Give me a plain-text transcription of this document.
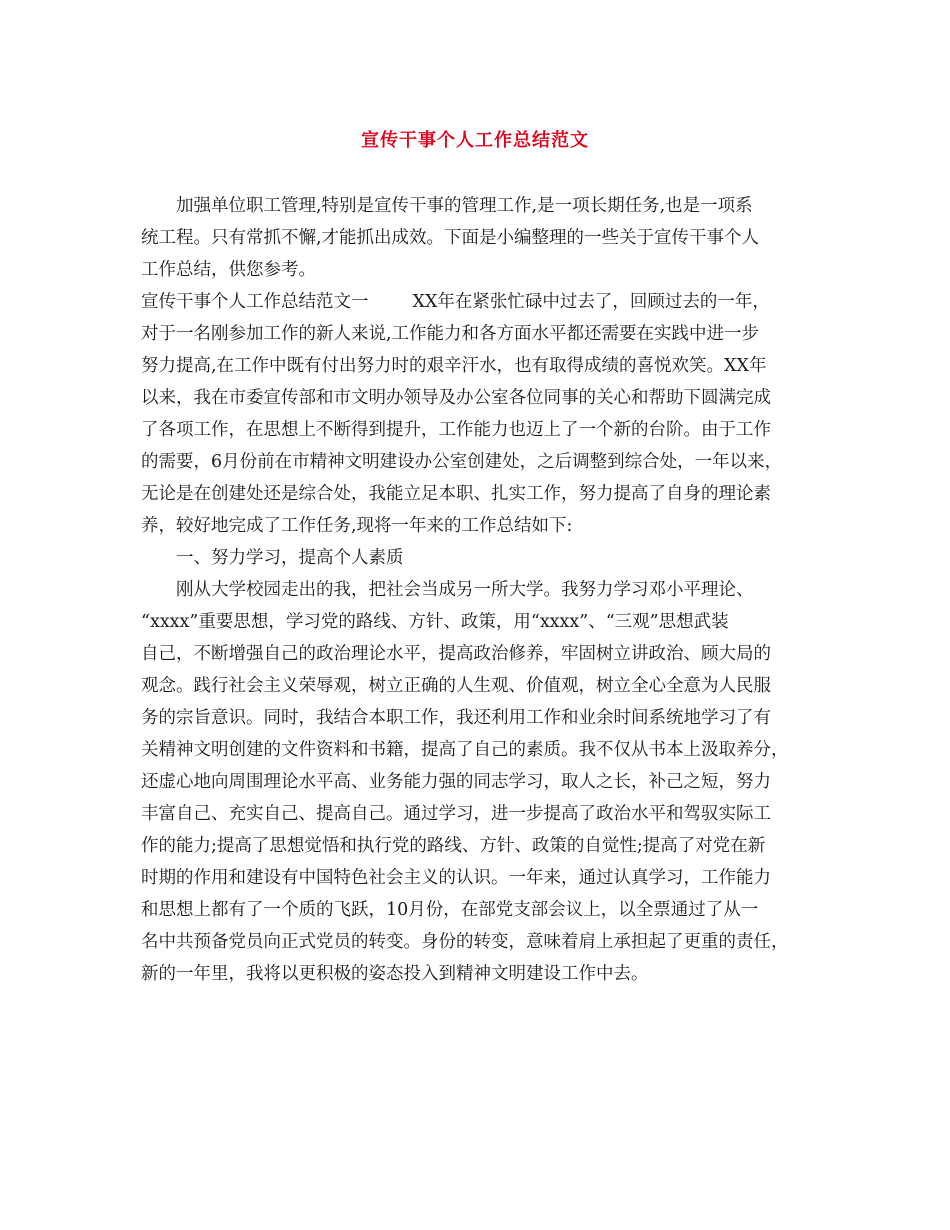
宣传干事个人工作总结范文
加强单位职工管理,特别是宣传干事的管理工作,是一项长期任务,也是一项系
统工程。只有常抓不懈,才能抓出成效。下面是小编整理的一些关于宣传干事个人
工作总结，供您参考。
宣传干事个人工作总结范文一	XX年在紧张忙碌中过去了，回顾过去的一年，
对于一名刚参加工作的新人来说,工作能力和各方面水平都还需要在实践中进一步
努力提高,在工作中既有付出努力时的艰辛汗水，也有取得成绩的喜悦欢笑。XX年
以来，我在市委宣传部和市文明办领导及办公室各位同事的关心和帮助下圆满完成
了各项工作，在思想上不断得到提升，工作能力也迈上了一个新的台阶。由于工作
的需要，6月份前在市精神文明建设办公室创建处，之后调整到综合处，一年以来，
无论是在创建处还是综合处，我能立足本职、扎实工作，努力提高了自身的理论素
养，较好地完成了工作任务,现将一年来的工作总结如下:
一、努力学习，提高个人素质
刚从大学校园走出的我，把社会当成另一所大学。我努力学习邓小平理论、
“xxxx”重要思想，学习党的路线、方针、政策，用“xxxx”、“三观”思想武装
自己，不断增强自己的政治理论水平，提高政治修养，牢固树立讲政治、顾大局的
观念。践行社会主义荣辱观，树立正确的人生观、价值观，树立全心全意为人民服
务的宗旨意识。同时，我结合本职工作，我还利用工作和业余时间系统地学习了有
关精神文明创建的文件资料和书籍，提高了自己的素质。我不仅从书本上汲取养分，
还虚心地向周围理论水平高、业务能力强的同志学习，取人之长，补己之短，努力
丰富自己、充实自己、提高自己。通过学习，进一步提高了政治水平和驾驭实际工
作的能力;提高了思想觉悟和执行党的路线、方针、政策的自觉性;提高了对党在新
时期的作用和建设有中国特色社会主义的认识。一年来，通过认真学习，工作能力
和思想上都有了一个质的飞跃，10月份，在部党支部会议上，以全票通过了从一
名中共预备党员向正式党员的转变。身份的转变，意味着肩上承担起了更重的责任，
新的一年里，我将以更积极的姿态投入到精神文明建设工作中去。
